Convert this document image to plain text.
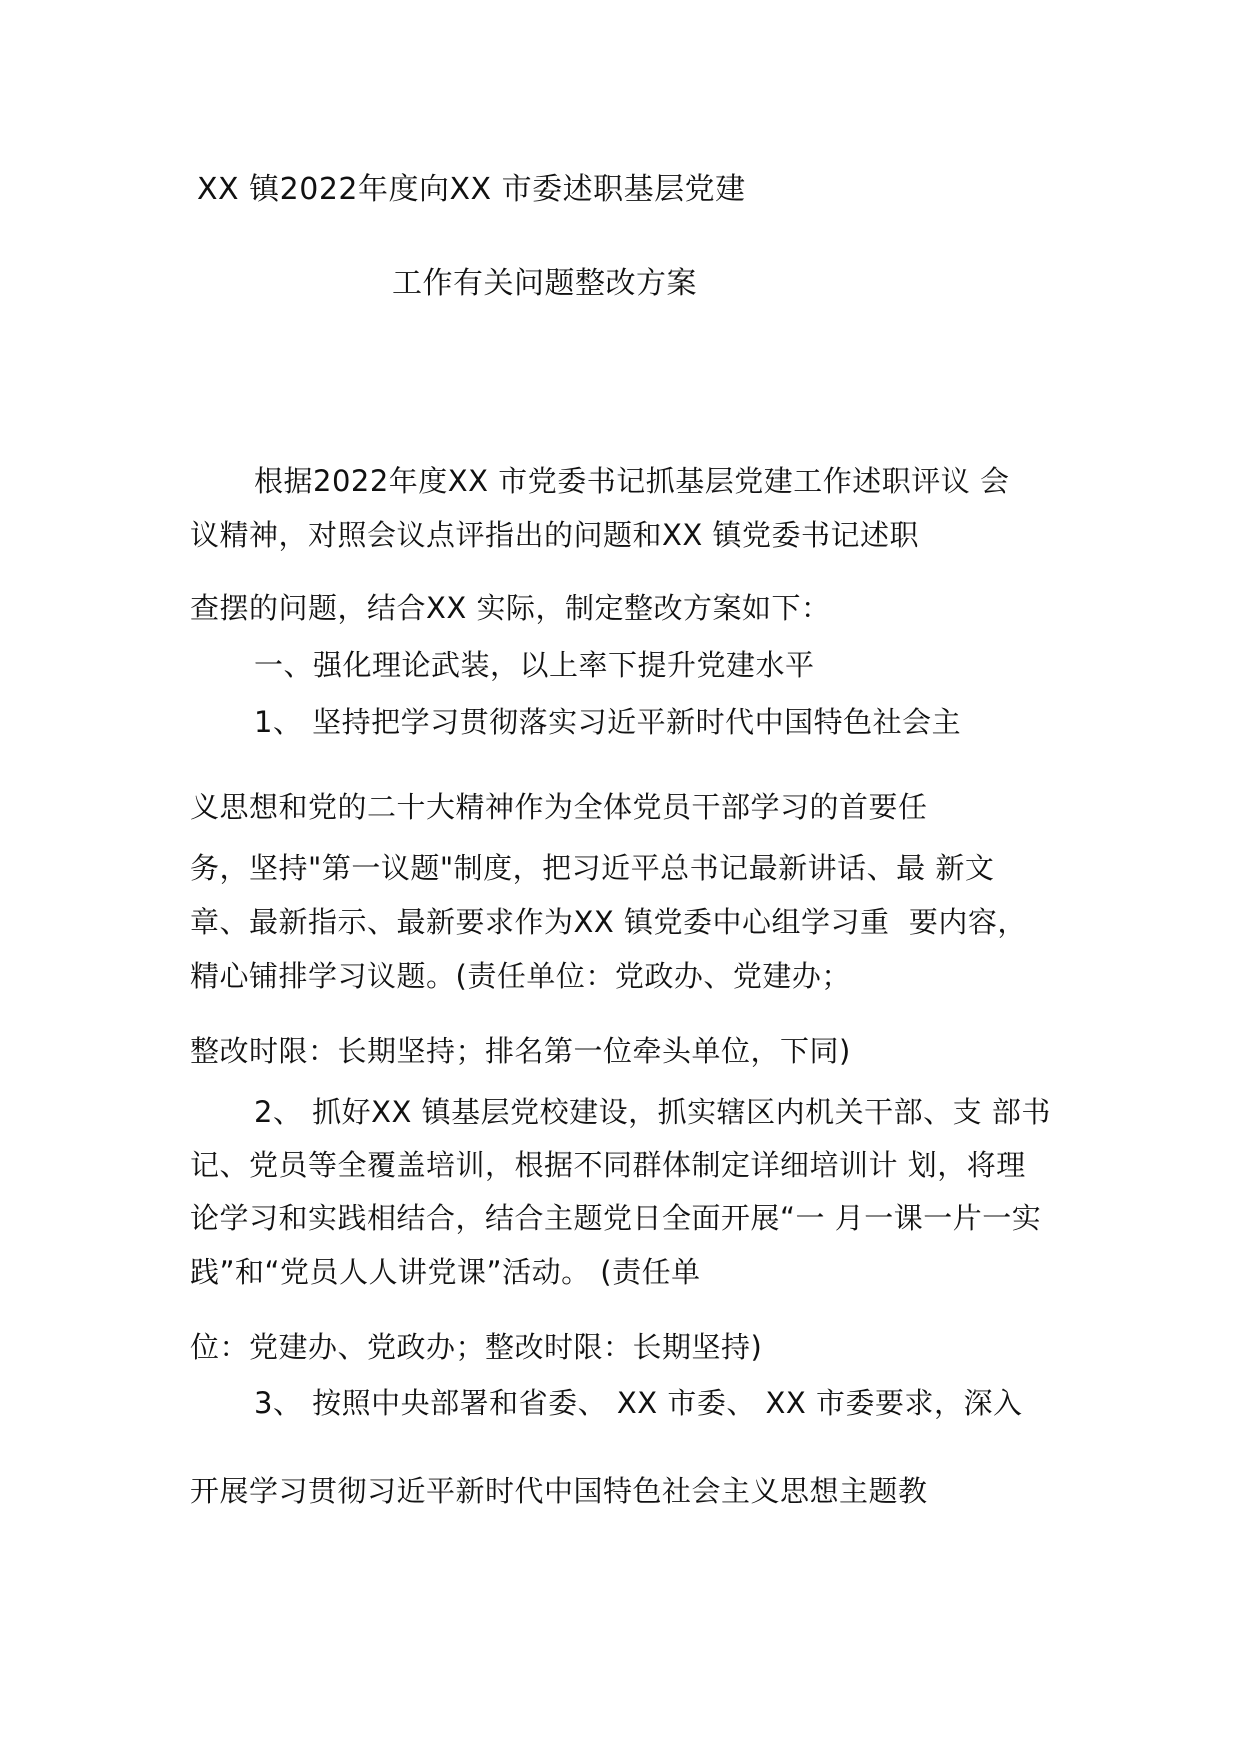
XX 镇2022年度向XX 市委述职基层党建

工作有关问题整改方案

根据2022年度XX 市党委书记抓基层党建工作述职评议 会

议精神，对照会议点评指出的问题和XX 镇党委书记述职

查摆的问题，结合XX 实际，制定整改方案如下：

一、强化理论武装，以上率下提升党建水平

1、 坚持把学习贯彻落实习近平新时代中国特色社会主

义思想和党的二十大精神作为全体党员干部学习的首要任

务，坚持"第一议题"制度，把习近平总书记最新讲话、最 新文

章、最新指示、最新要求作为XX 镇党委中心组学习重  要内容，

精心铺排学习议题。(责任单位：党政办、党建办；

整改时限：长期坚持；排名第一位牵头单位，下同)

2、 抓好XX 镇基层党校建设，抓实辖区内机关干部、支 部书

记、党员等全覆盖培训，根据不同群体制定详细培训计 划，将理

论学习和实践相结合，结合主题党日全面开展“一 月一课一片一实

践”和“党员人人讲党课”活动。 (责任单

位：党建办、党政办；整改时限：长期坚持)

3、 按照中央部署和省委、 XX 市委、 XX 市委要求，深入

开展学习贯彻习近平新时代中国特色社会主义思想主题教
